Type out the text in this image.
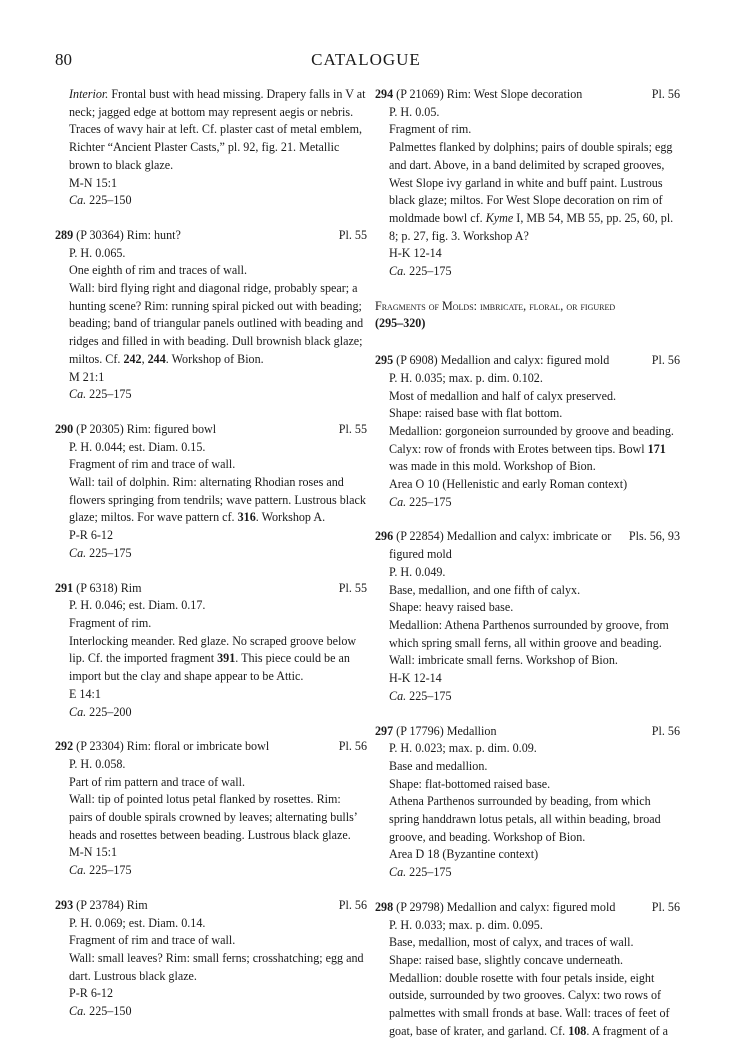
80	CATALOGUE

Interior. Frontal bust with head missing. Drapery falls in V at neck; jagged edge at bottom may represent aegis or nebris. Traces of wavy hair at left. Cf. plaster cast of metal emblem, Richter “Ancient Plaster Casts,” pl. 92, fig. 21. Metallic brown to black glaze.

M-N 15:1

Ca. 225–150

289 (P 30364) Rim: hunt?	Pl. 55

P. H. 0.065.

One eighth of rim and traces of wall.

Wall: bird flying right and diagonal ridge, probably spear; a hunting scene? Rim: running spiral picked out with beading; beading; band of triangular panels outlined with beading and ridges and filled in with beading. Dull brownish black glaze; miltos. Cf. 242, 244. Workshop of Bion.

M 21:1

Ca. 225–175

290 (P 20305) Rim: figured bowl	Pl. 55

P. H. 0.044; est. Diam. 0.15.

Fragment of rim and trace of wall.

Wall: tail of dolphin. Rim: alternating Rhodian roses and flowers springing from tendrils; wave pattern. Lustrous black glaze; miltos. For wave pattern cf. 316. Workshop A.

P-R 6-12

Ca. 225–175

291 (P 6318) Rim	Pl. 55

P. H. 0.046; est. Diam. 0.17.

Fragment of rim.

Interlocking meander. Red glaze. No scraped groove below lip. Cf. the imported fragment 391. This piece could be an import but the clay and shape appear to be Attic.

E 14:1

Ca. 225–200

292 (P 23304) Rim: floral or imbricate bowl	Pl. 56

P. H. 0.058.

Part of rim pattern and trace of wall.

Wall: tip of pointed lotus petal flanked by rosettes. Rim: pairs of double spirals crowned by leaves; alternating bulls’ heads and rosettes between beading. Lustrous black glaze.

M-N 15:1

Ca. 225–175

293 (P 23784) Rim	Pl. 56

P. H. 0.069; est. Diam. 0.14.

Fragment of rim and trace of wall.

Wall: small leaves? Rim: small ferns; crosshatching; egg and dart. Lustrous black glaze.

P-R 6-12

Ca. 225–150

294 (P 21069) Rim: West Slope decoration	Pl. 56

P. H. 0.05.

Fragment of rim.

Palmettes flanked by dolphins; pairs of double spirals; egg and dart. Above, in a band delimited by scraped grooves, West Slope ivy garland in white and buff paint. Lustrous black glaze; miltos. For West Slope decoration on rim of moldmade bowl cf. Kyme I, MB 54, MB 55, pp. 25, 60, pl. 8; p. 27, fig. 3. Workshop A?

H-K 12-14

Ca. 225–175

Fragments of Molds: imbricate, floral, or figured
(295–320)
295 (P 6908) Medallion and calyx: figured mold	Pl. 56

P. H. 0.035; max. p. dim. 0.102.

Most of medallion and half of calyx preserved.

Shape: raised base with flat bottom.

Medallion: gorgoneion surrounded by groove and beading. Calyx: row of fronds with Erotes between tips. Bowl 171 was made in this mold. Workshop of Bion.

Area O 10 (Hellenistic and early Roman context)

Ca. 225–175

296 (P 22854) Medallion and calyx: imbricate or figured mold
Pls. 56, 93

P. H. 0.049.

Base, medallion, and one fifth of calyx.

Shape: heavy raised base.

Medallion: Athena Parthenos surrounded by groove, from which spring small ferns, all within groove and beading. Wall: imbricate small ferns. Workshop of Bion.

H-K 12-14

Ca. 225–175

297 (P 17796) Medallion	Pl. 56

P. H. 0.023; max. p. dim. 0.09.

Base and medallion.

Shape: flat-bottomed raised base.

Athena Parthenos surrounded by beading, from which spring handdrawn lotus petals, all within beading, broad groove, and beading. Workshop of Bion.

Area D 18 (Byzantine context)

Ca. 225–175

298 (P 29798) Medallion and calyx: figured mold	Pl. 56

P. H. 0.033; max. p. dim. 0.095.

Base, medallion, most of calyx, and traces of wall.

Shape: raised base, slightly concave underneath.

Medallion: double rosette with four petals inside, eight outside, surrounded by two grooves. Calyx: two rows of palmettes with small fronds at base. Wall: traces of feet of goat, base of krater, and garland. Cf. 108. A fragment of a
